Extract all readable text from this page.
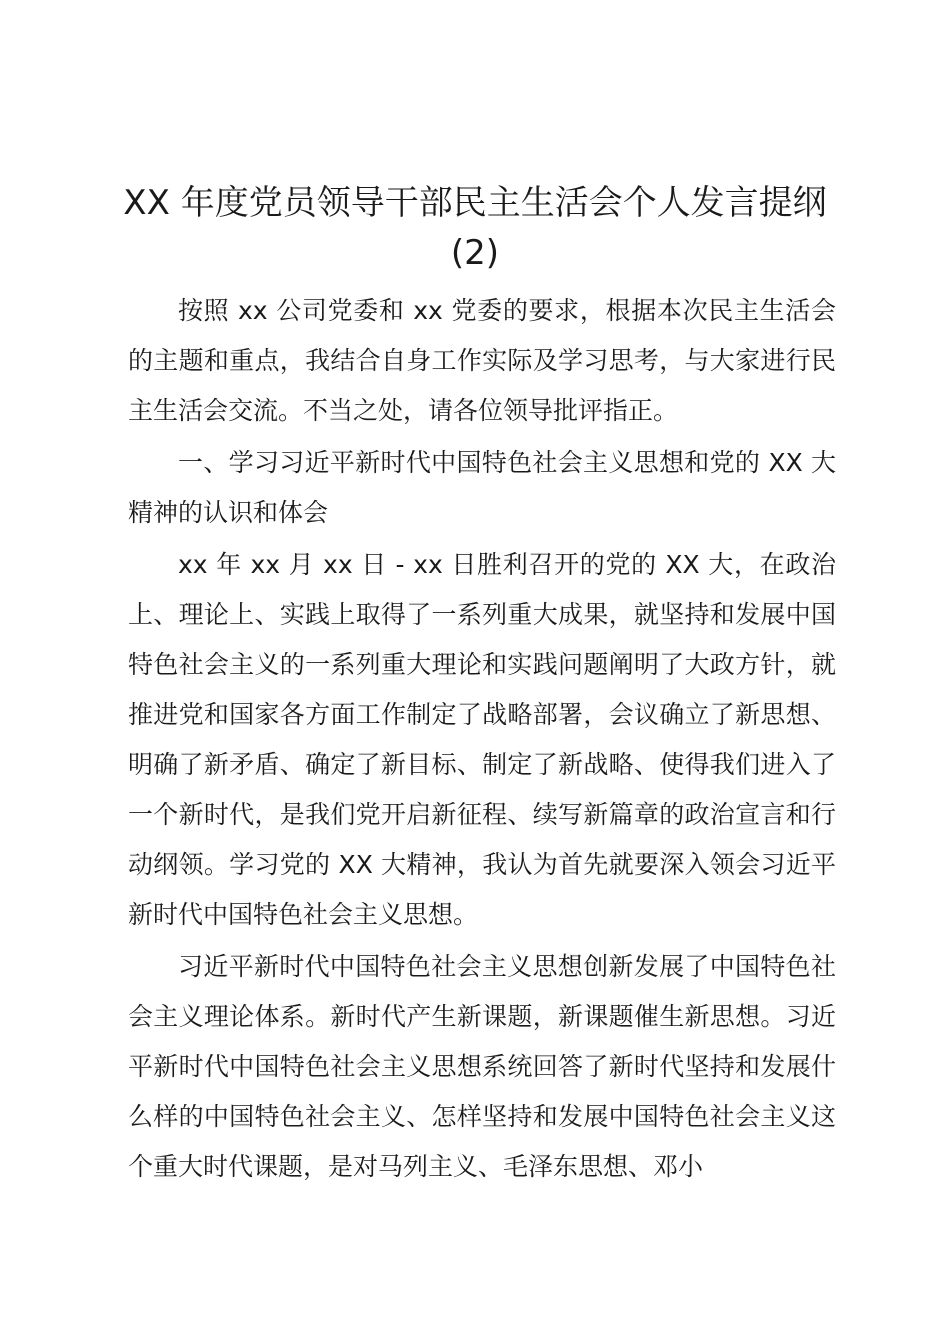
XX 年度党员领导干部民主生活会个人发言提纲(2)

按照 xx 公司党委和 xx 党委的要求，根据本次民主生活会的主题和重点，我结合自身工作实际及学习思考，与大家进行民主生活会交流。不当之处，请各位领导批评指正。

一、学习习近平新时代中国特色社会主义思想和党的 XX 大精神的认识和体会

xx 年 xx 月 xx 日 - xx 日胜利召开的党的 XX 大，在政治上、理论上、实践上取得了一系列重大成果，就坚持和发展中国特色社会主义的一系列重大理论和实践问题阐明了大政方针，就推进党和国家各方面工作制定了战略部署，会议确立了新思想、明确了新矛盾、确定了新目标、制定了新战略、使得我们进入了一个新时代，是我们党开启新征程、续写新篇章的政治宣言和行动纲领。学习党的 XX 大精神，我认为首先就要深入领会习近平新时代中国特色社会主义思想。

习近平新时代中国特色社会主义思想创新发展了中国特色社会主义理论体系。新时代产生新课题，新课题催生新思想。习近平新时代中国特色社会主义思想系统回答了新时代坚持和发展什么样的中国特色社会主义、怎样坚持和发展中国特色社会主义这个重大时代课题，是对马列主义、毛泽东思想、邓小
